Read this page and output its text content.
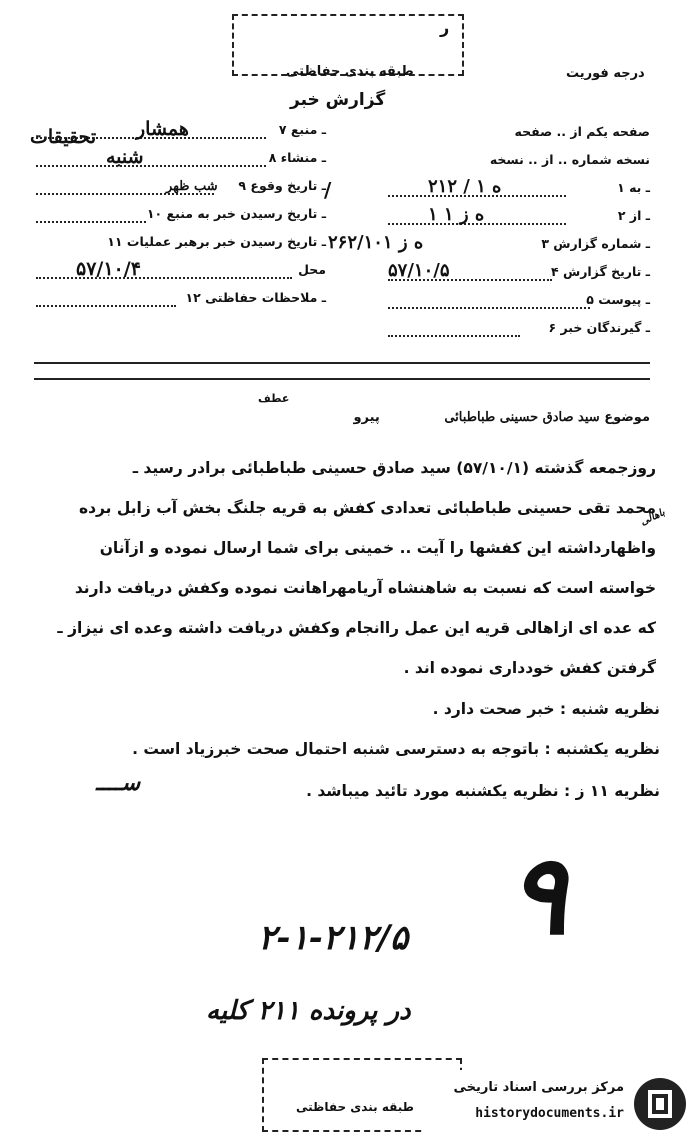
ر
طبقه بندی حفاظتی
گزارش خبر
درجه فوریت
تحقیقات	صفحه یکم از .. صفحه
نسخه شماره .. از .. نسخه
همشار	۷ ـ منبع
شنبه	۸ ـ منشاء
شب ظهر ۹ ـ تاریخ وقوع
۱۰ ـ تاریخ رسیدن خبر به منبع
۱۱ ـ تاریخ رسیدن خبر برهبر عملیات
۵۷/۱۰/۴	محل
۱۲ ـ ملاحظات حفاظتی
/	۲۱۲ / ۱ ه	۱ ـ به
۱ ۱ ه ز	۲ ـ از
۲۶۲/۱۰۱ ه ز	۳ ـ شماره گزارش
۵۷/۱۰/۵	۴ ـ تاریخ گزارش
۵ ـ پیوست
۶ ـ گیرندگان خبر
عطف
موضوع سید صادق حسینی طباطبائی پیرو
روزجمعه گذشته (۵۷/۱۰/۱) سید صادق حسینی طباطبائی برادر رسید ـ
محمد تقی حسینی طباطبائی تعدادی کفش به قریه جلنگ بخش آب زابل برده
واظهارداشته این کفشها را آیت .. خمینی برای شما ارسال نموده و ازآنان
خواسته است که نسبت به شاهنشاه آریامهراهانت نموده وکفش دریافت دارند
که عده ای ازاهالی قریه این عمل راانجام وکفش دریافت داشته وعده ای نیزاز ـ
گرفتن کفش خودداری نموده اند .
باهالی
نظریه شنبه : خبر صحت دارد .
نظریه یکشنبه : باتوجه به دسترسی شنبه احتمال صحت خبرزیاد است .
نظریه ۱۱ ز : نظریه یکشنبه مورد تائید میباشد .
ســــ
۹
۲-۱-۲۱۲/۵
در پرونده ۲۱۱ کلیه
طبقه بندی حفاظتی
مرکز بررسی اسناد تاریخی
historydocuments.ir
